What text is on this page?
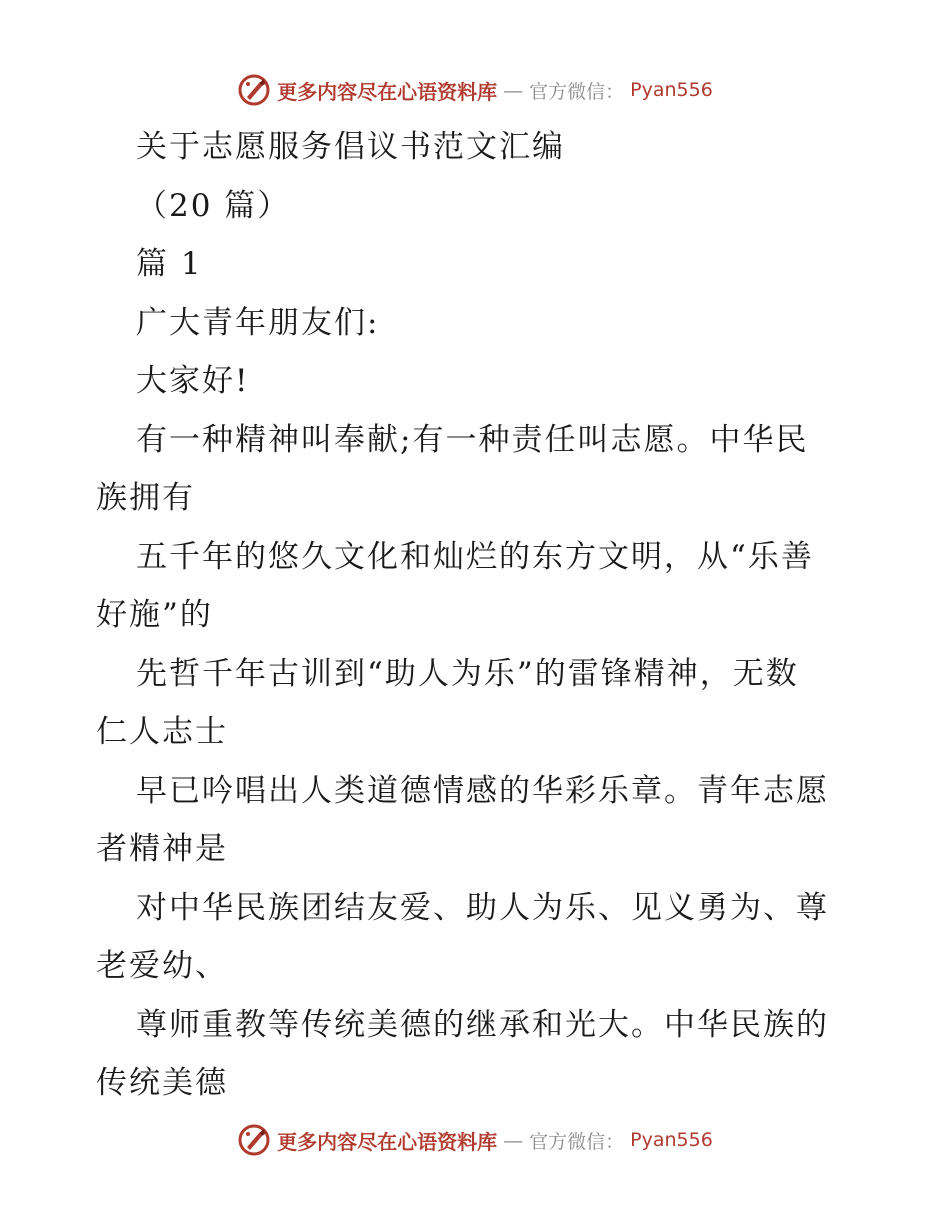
更多内容尽在心语资料库 — 官方微信： Pyan556
关于志愿服务倡议书范文汇编
（20 篇）
篇 1
广大青年朋友们:
大家好!
有一种精神叫奉献;有一种责任叫志愿。中华民
族拥有
五千年的悠久文化和灿烂的东方文明，从“乐善
好施”的
先哲千年古训到“助人为乐”的雷锋精神，无数
仁人志士
早已吟唱出人类道德情感的华彩乐章。青年志愿
者精神是
对中华民族团结友爱、助人为乐、见义勇为、尊
老爱幼、
尊师重教等传统美德的继承和光大。中华民族的
传统美德
更多内容尽在心语资料库 — 官方微信： Pyan556
